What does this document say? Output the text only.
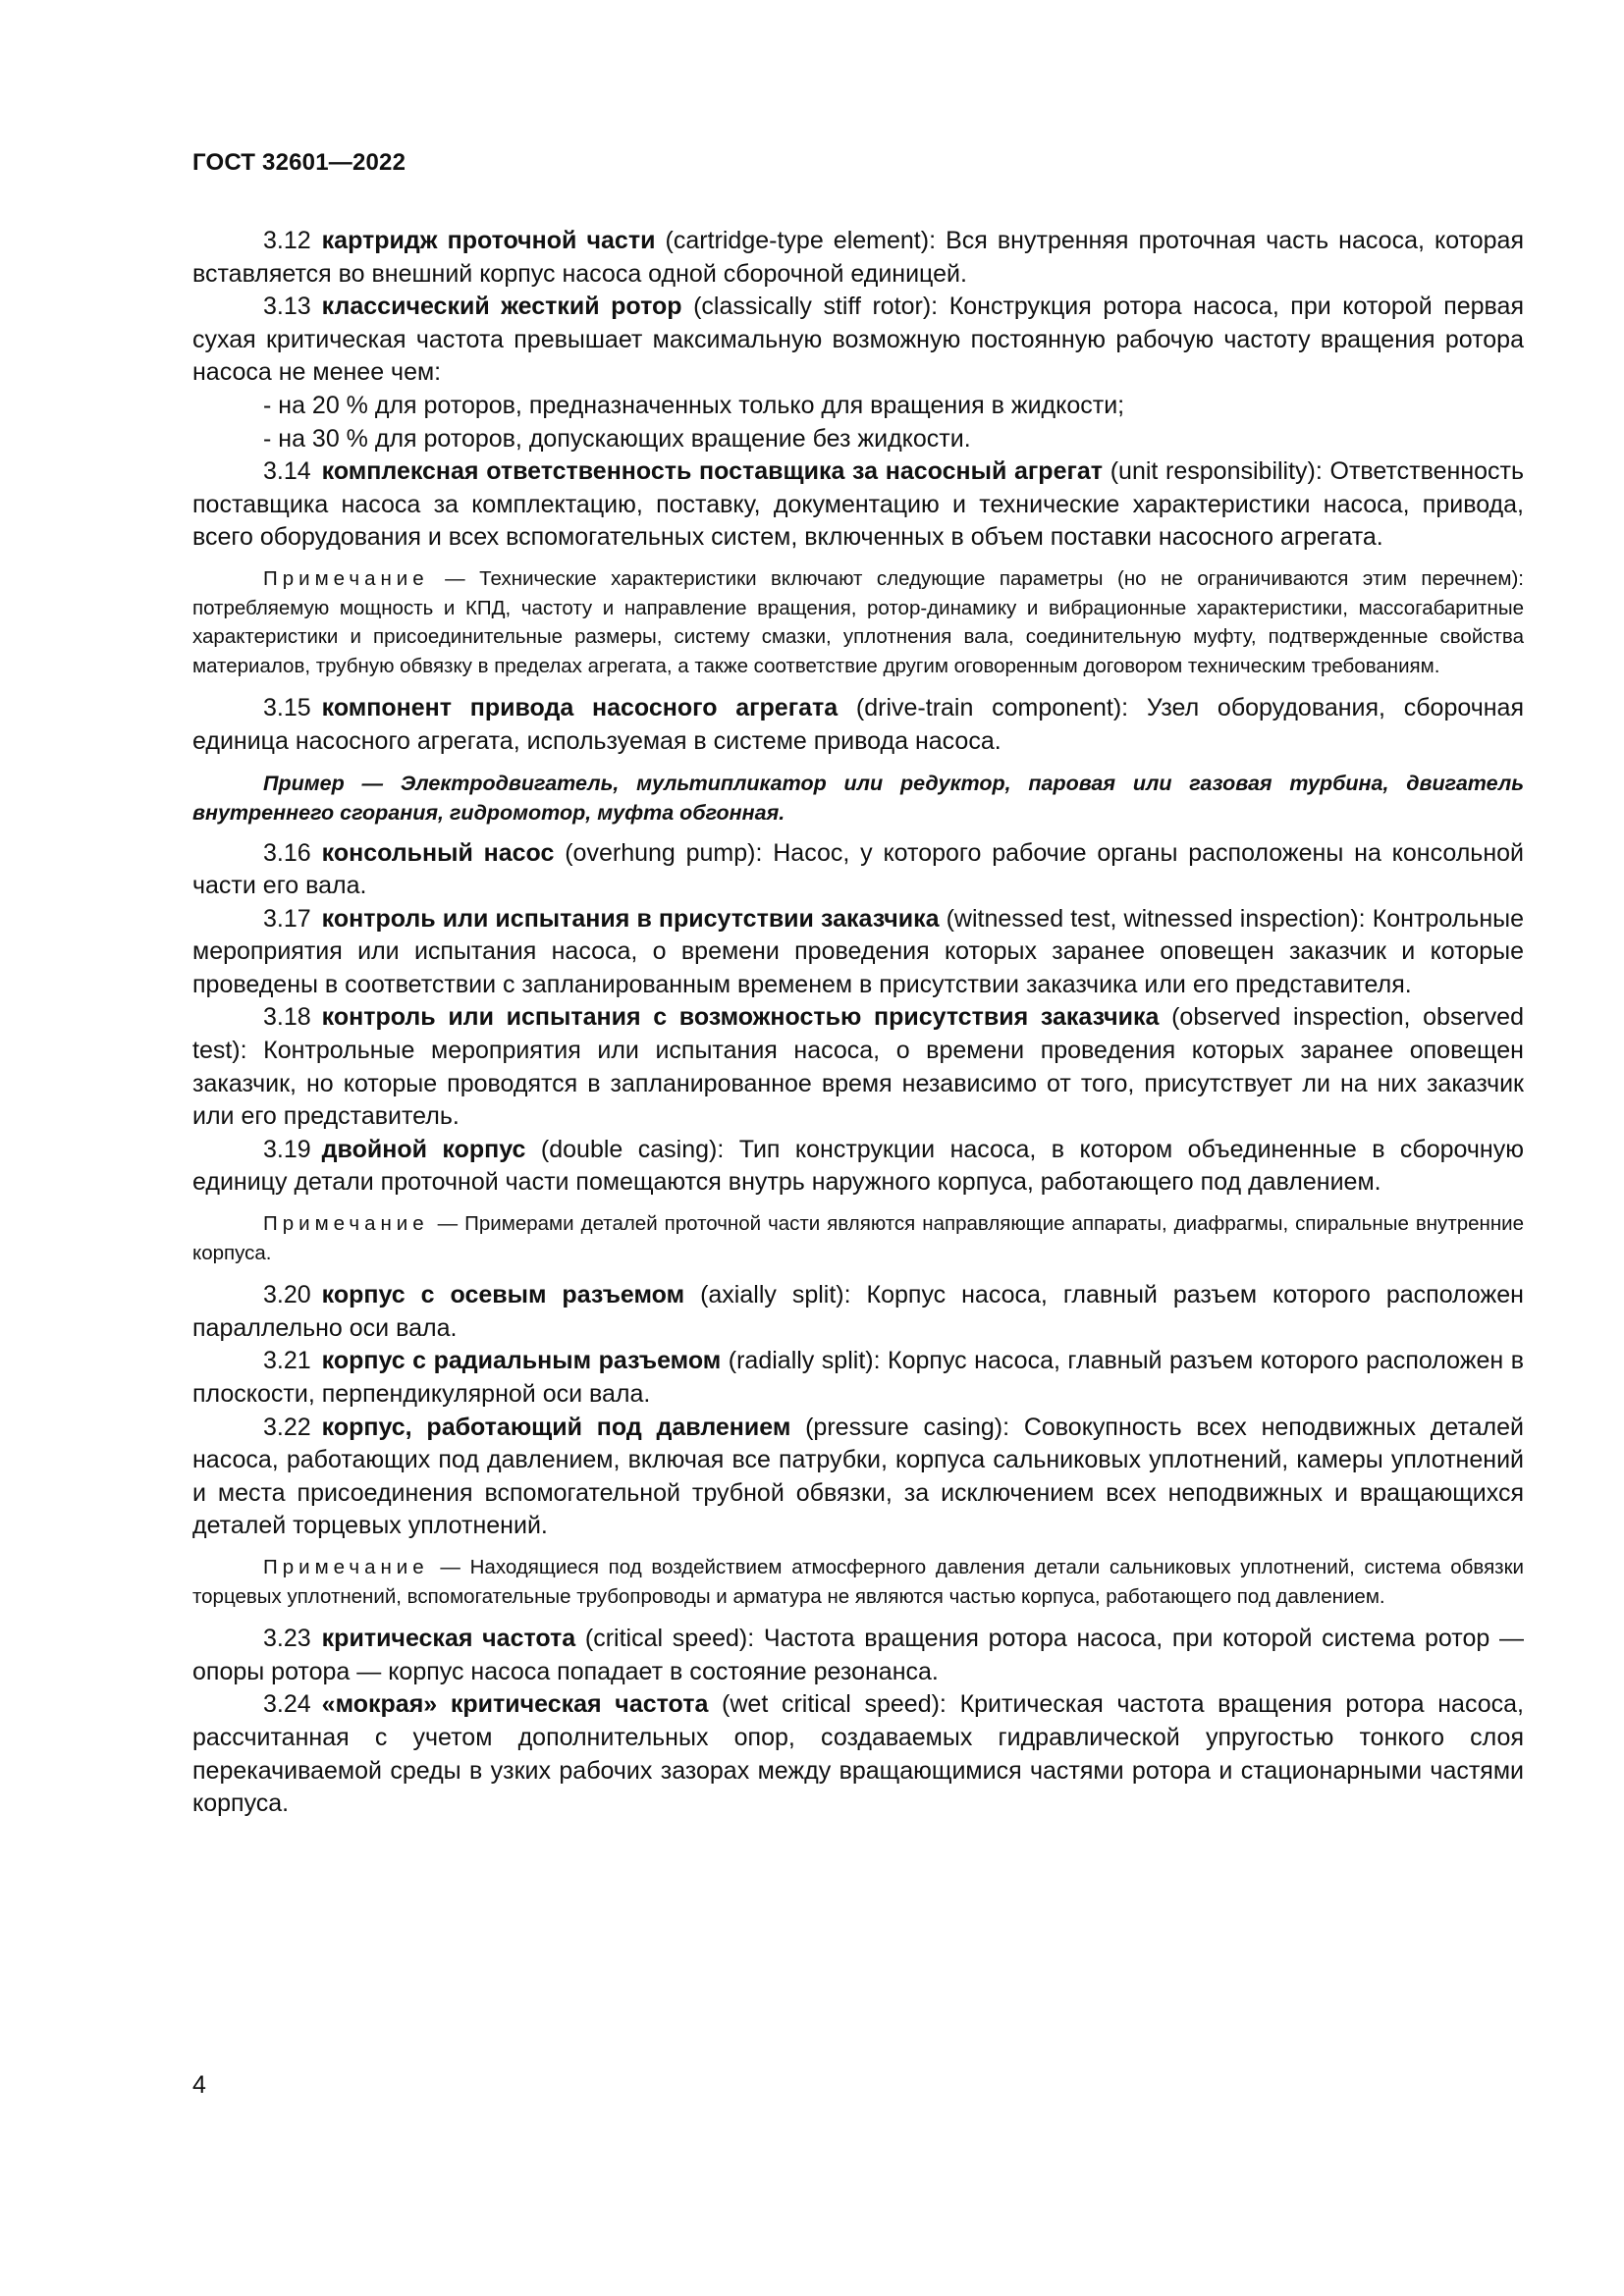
ГОСТ 32601—2022

3.12 картридж проточной части (cartridge-type element): Вся внутренняя проточная часть насоса, которая вставляется во внешний корпус насоса одной сборочной единицей.

3.13 классический жесткий ротор (classically stiff rotor): Конструкция ротора насоса, при которой первая сухая критическая частота превышает максимальную возможную постоянную рабочую частоту вращения ротора насоса не менее чем:

- на 20 % для роторов, предназначенных только для вращения в жидкости;

- на 30 % для роторов, допускающих вращение без жидкости.

3.14 комплексная ответственность поставщика за насосный агрегат (unit responsibility): Ответственность поставщика насоса за комплектацию, поставку, документацию и технические характеристики насоса, привода, всего оборудования и всех вспомогательных систем, включенных в объем поставки насосного агрегата.

Примечание — Технические характеристики включают следующие параметры (но не ограничиваются этим перечнем): потребляемую мощность и КПД, частоту и направление вращения, ротор-динамику и вибрационные характеристики, массогабаритные характеристики и присоединительные размеры, систему смазки, уплотнения вала, соединительную муфту, подтвержденные свойства материалов, трубную обвязку в пределах агрегата, а также соответствие другим оговоренным договором техническим требованиям.

3.15 компонент привода насосного агрегата (drive-train component): Узел оборудования, сборочная единица насосного агрегата, используемая в системе привода насоса.

Пример — Электродвигатель, мультипликатор или редуктор, паровая или газовая турбина, двигатель внутреннего сгорания, гидромотор, муфта обгонная.

3.16 консольный насос (overhung pump): Насос, у которого рабочие органы расположены на консольной части его вала.

3.17 контроль или испытания в присутствии заказчика (witnessed test, witnessed inspection): Контрольные мероприятия или испытания насоса, о времени проведения которых заранее оповещен заказчик и которые проведены в соответствии с запланированным временем в присутствии заказчика или его представителя.

3.18 контроль или испытания с возможностью присутствия заказчика (observed inspection, observed test): Контрольные мероприятия или испытания насоса, о времени проведения которых заранее оповещен заказчик, но которые проводятся в запланированное время независимо от того, присутствует ли на них заказчик или его представитель.

3.19 двойной корпус (double casing): Тип конструкции насоса, в котором объединенные в сборочную единицу детали проточной части помещаются внутрь наружного корпуса, работающего под давлением.

Примечание — Примерами деталей проточной части являются направляющие аппараты, диафрагмы, спиральные внутренние корпуса.

3.20 корпус с осевым разъемом (axially split): Корпус насоса, главный разъем которого расположен параллельно оси вала.

3.21 корпус с радиальным разъемом (radially split): Корпус насоса, главный разъем которого расположен в плоскости, перпендикулярной оси вала.

3.22 корпус, работающий под давлением (pressure casing): Совокупность всех неподвижных деталей насоса, работающих под давлением, включая все патрубки, корпуса сальниковых уплотнений, камеры уплотнений и места присоединения вспомогательной трубной обвязки, за исключением всех неподвижных и вращающихся деталей торцевых уплотнений.

Примечание — Находящиеся под воздействием атмосферного давления детали сальниковых уплотнений, система обвязки торцевых уплотнений, вспомогательные трубопроводы и арматура не являются частью корпуса, работающего под давлением.

3.23 критическая частота (critical speed): Частота вращения ротора насоса, при которой система ротор — опоры ротора — корпус насоса попадает в состояние резонанса.

3.24 «мокрая» критическая частота (wet critical speed): Критическая частота вращения ротора насоса, рассчитанная с учетом дополнительных опор, создаваемых гидравлической упругостью тонкого слоя перекачиваемой среды в узких рабочих зазорах между вращающимися частями ротора и стационарными частями корпуса.

4
